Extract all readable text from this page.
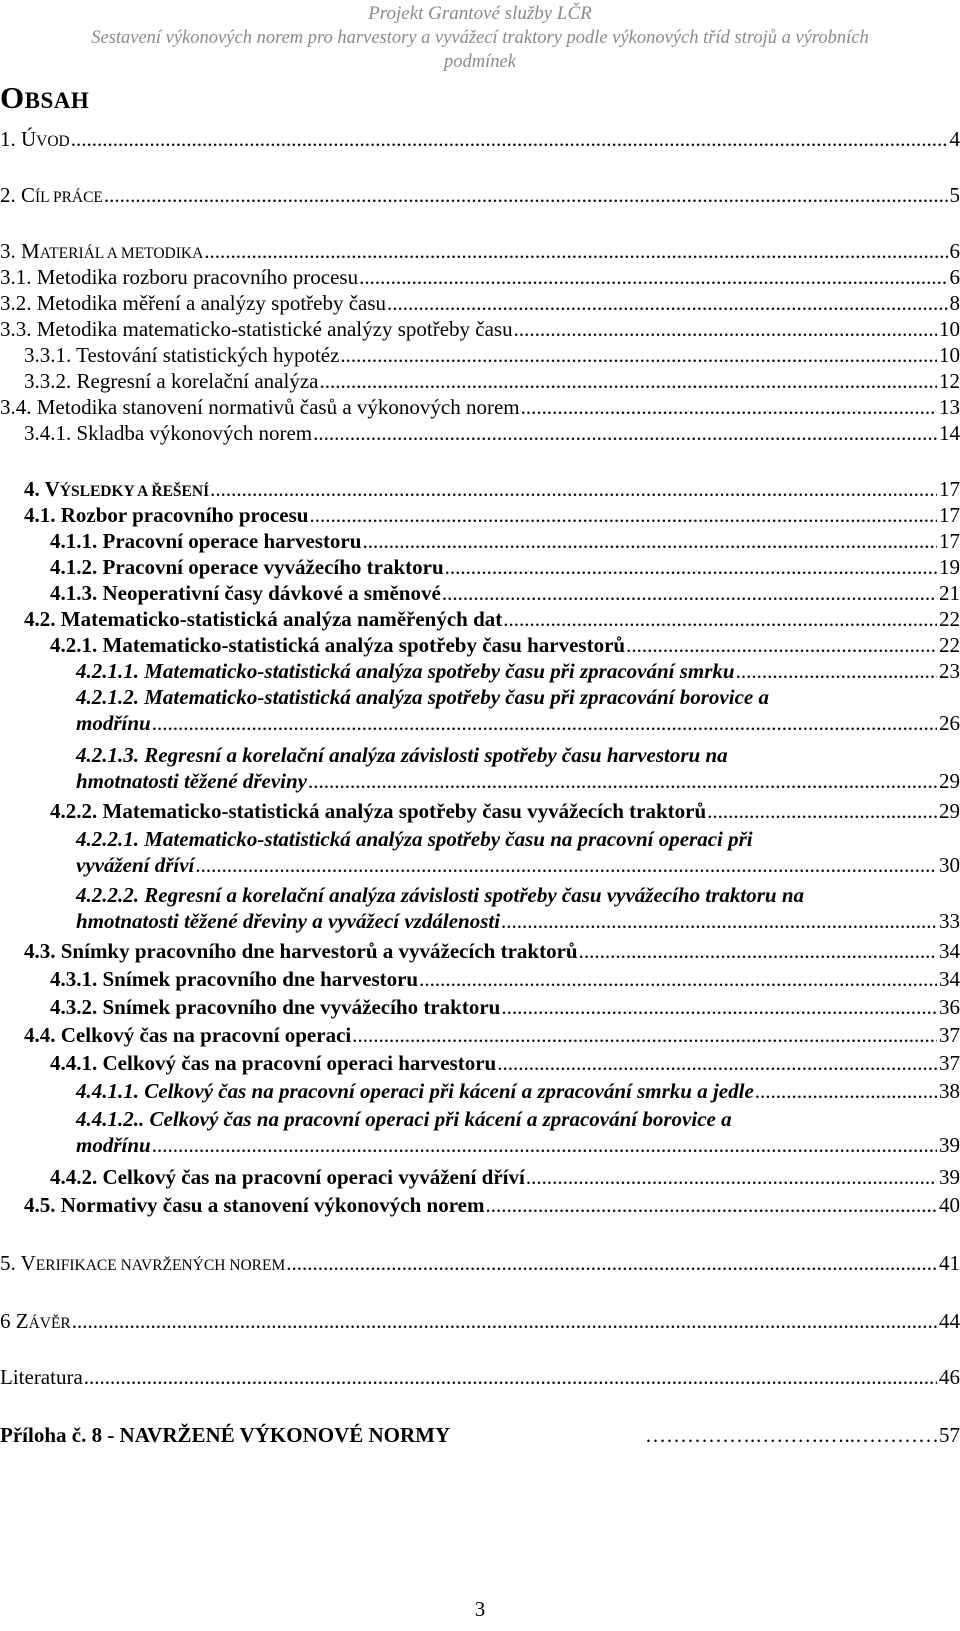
Projekt Grantové služby LČR
Sestavení výkonových norem pro harvestory a vyvážecí traktory podle výkonových tříd strojů a výrobních
podmínek
OBSAH
1. ÚVOD .....	4
2. CÍL PRÁCE .....	5
3. MATERIÁL A METODIKA .....	6
3.1. Metodika rozboru pracovního procesu .....	6
3.2. Metodika měření a analýzy spotřeby času .....	8
3.3. Metodika matematicko-statistické analýzy spotřeby času .....	10
3.3.1. Testování statistických hypotéz .....	10
3.3.2. Regresní a korelační analýza .....	12
3.4. Metodika stanovení normativů časů a výkonových norem .....	13
3.4.1. Skladba výkonových norem .....	14
4. VÝSLEDKY A ŘEŠENÍ .....	17
4.1. Rozbor pracovního procesu .....	17
4.1.1. Pracovní operace harvestoru .....	17
4.1.2. Pracovní operace vyvážecího traktoru .....	19
4.1.3. Neoperativní časy dávkové a směnové .....	21
4.2. Matematicko-statistická analýza naměřených dat .....	22
4.2.1. Matematicko-statistická analýza spotřeby času harvestorů .....	22
4.2.1.1. Matematicko-statistická analýza spotřeby času při zpracování smrku .....	23
4.2.1.2. Matematicko-statistická analýza spotřeby času při zpracování borovice a
modřínu .....	26
4.2.1.3. Regresní a korelační analýza závislosti spotřeby času harvestoru na
hmotnatosti těžené dřeviny .....	29
4.2.2. Matematicko-statistická analýza spotřeby času vyvážecích traktorů .....	29
4.2.2.1. Matematicko-statistická analýza spotřeby času na pracovní operaci při
vyvážení dříví .....	30
4.2.2.2. Regresní a korelační analýza závislosti spotřeby času vyvážecího traktoru na
hmotnatosti těžené dřeviny a vyvážecí vzdálenosti .....	33
4.3. Snímky pracovního dne harvestorů a vyvážecích traktorů .....	34
4.3.1. Snímek pracovního dne harvestoru .....	34
4.3.2. Snímek pracovního dne vyvážecího traktoru .....	36
4.4. Celkový čas na pracovní operaci .....	37
4.4.1. Celkový čas na pracovní operaci harvestoru .....	37
4.4.1.1. Celkový čas na pracovní operaci při kácení a zpracování smrku a jedle .....	38
4.4.1.2.. Celkový čas na pracovní operaci při kácení a zpracování borovice a
modřínu .....	39
4.4.2. Celkový čas na pracovní operaci vyvážení dříví .....	39
4.5. Normativy času a stanovení výkonových norem .....	40
5. VERIFIKACE NAVRŽENÝCH NOREM .....	41
6 ZÁVĚR .....	44
Literatura .....	46
Příloha č. 8 - NAVRŽENÉ VÝKONOVÉ NORMY	…………….……….…..………… 57
3
